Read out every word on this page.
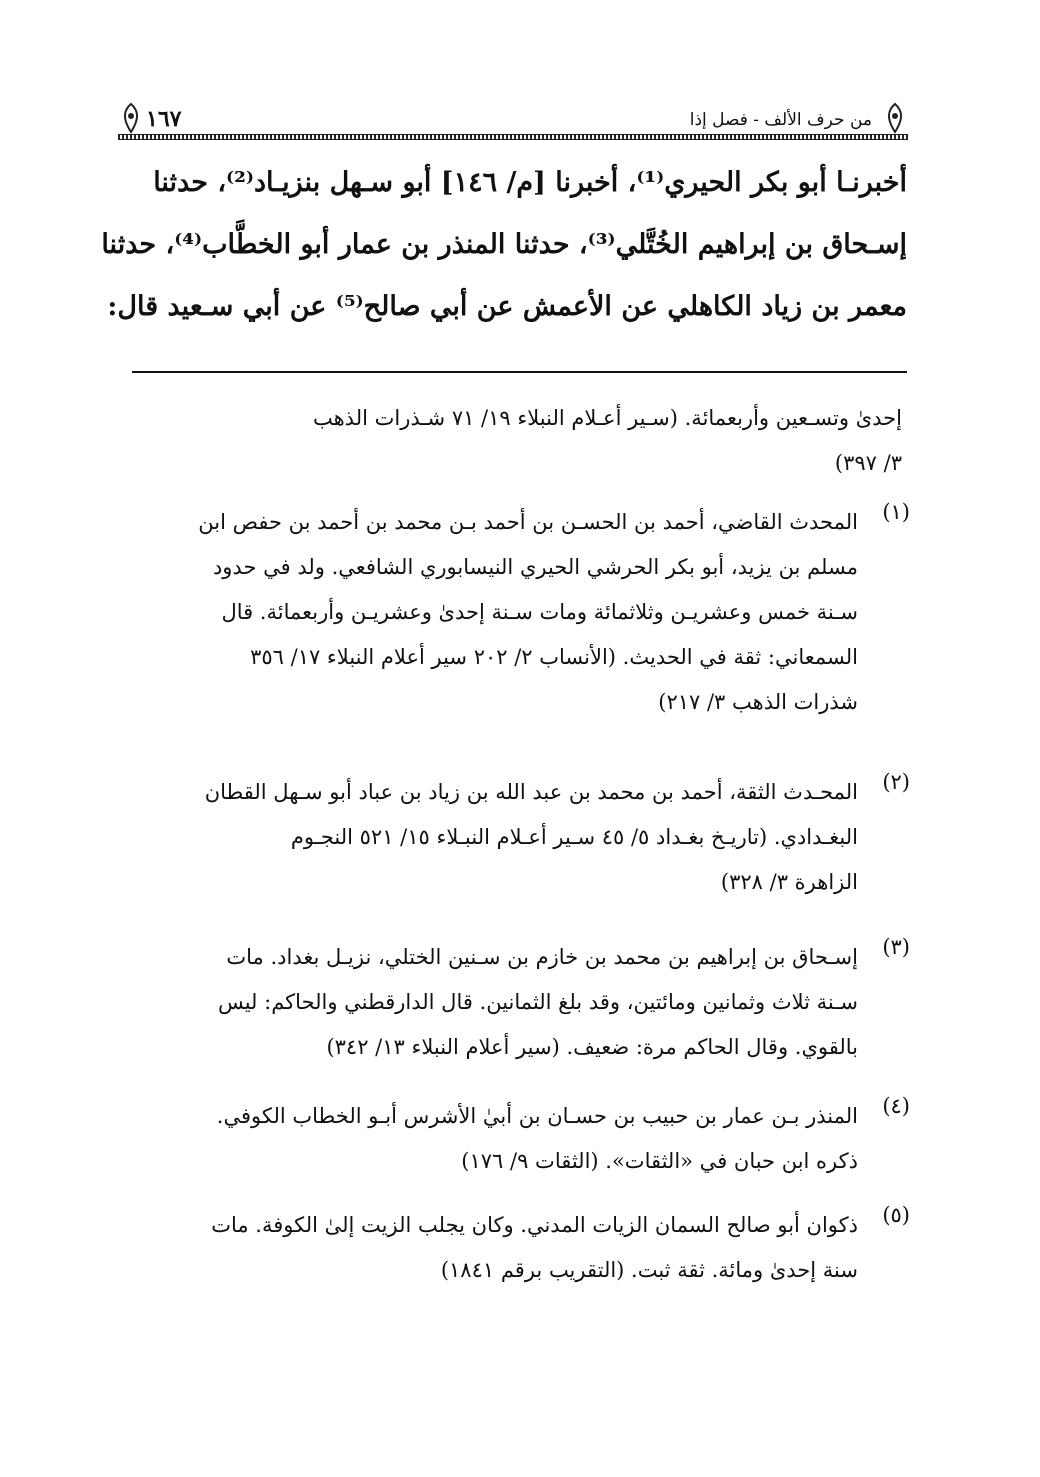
من حرف الألف - فصل إذا
١٦٧
أخبرنـا أبو بكر الحيري⁽¹⁾، أخبرنا [م/ ١٤٦] أبو سـهل بنزيـاد⁽²⁾، حدثنا
إسـحاق بن إبراهيم الخُتَّلي⁽³⁾، حدثنا المنذر بن عمار أبو الخطَّاب⁽⁴⁾، حدثنا
معمر بن زياد الكاهلي عن الأعمش عن أبي صالح⁽⁵⁾ عن أبي سـعيد قال:
إحدىٰ وتسـعين وأربعمائة. (سـير أعـلام النبلاء ١٩/ ٧١ شـذرات الذهب
٣/ ٣٩٧)
(١)
المحدث القاضي، أحمد بن الحسـن بن أحمد بـن محمد بن أحمد بن حفص ابن
مسلم بن يزيد، أبو بكر الحرشي الحيري النيسابوري الشافعي. ولد في حدود
سـنة خمس وعشريـن وثلاثمائة ومات سـنة إحدىٰ وعشريـن وأربعمائة. قال
السمعاني: ثقة في الحديث. (الأنساب ٢/ ٢٠٢ سير أعلام النبلاء ١٧/ ٣٥٦
شذرات الذهب ٣/ ٢١٧)
(٢)
المحـدث الثقة، أحمد بن محمد بن عبد الله بن زياد بن عباد أبو سـهل القطان
البغـدادي. (تاريـخ بغـداد ٥/ ٤٥ سـير أعـلام النبـلاء ١٥/ ٥٢١ النجـوم
الزاهرة ٣/ ٣٢٨)
(٣)
إسـحاق بن إبراهيم بن محمد بن خازم بن سـنين الختلي، نزيـل بغداد. مات
سـنة ثلاث وثمانين ومائتين، وقد بلغ الثمانين. قال الدارقطني والحاكم: ليس
بالقوي. وقال الحاكم مرة: ضعيف. (سير أعلام النبلاء ١٣/ ٣٤٢)
(٤)
المنذر بـن عمار بن حبيب بن حسـان بن أبيٰ الأشرس أبـو الخطاب الكوفي.
ذكره ابن حبان في «الثقات». (الثقات ٩/ ١٧٦)
(٥)
ذكوان أبو صالح السمان الزيات المدني. وكان يجلب الزيت إلىٰ الكوفة. مات
سنة إحدىٰ ومائة. ثقة ثبت. (التقريب برقم ١٨٤١)
